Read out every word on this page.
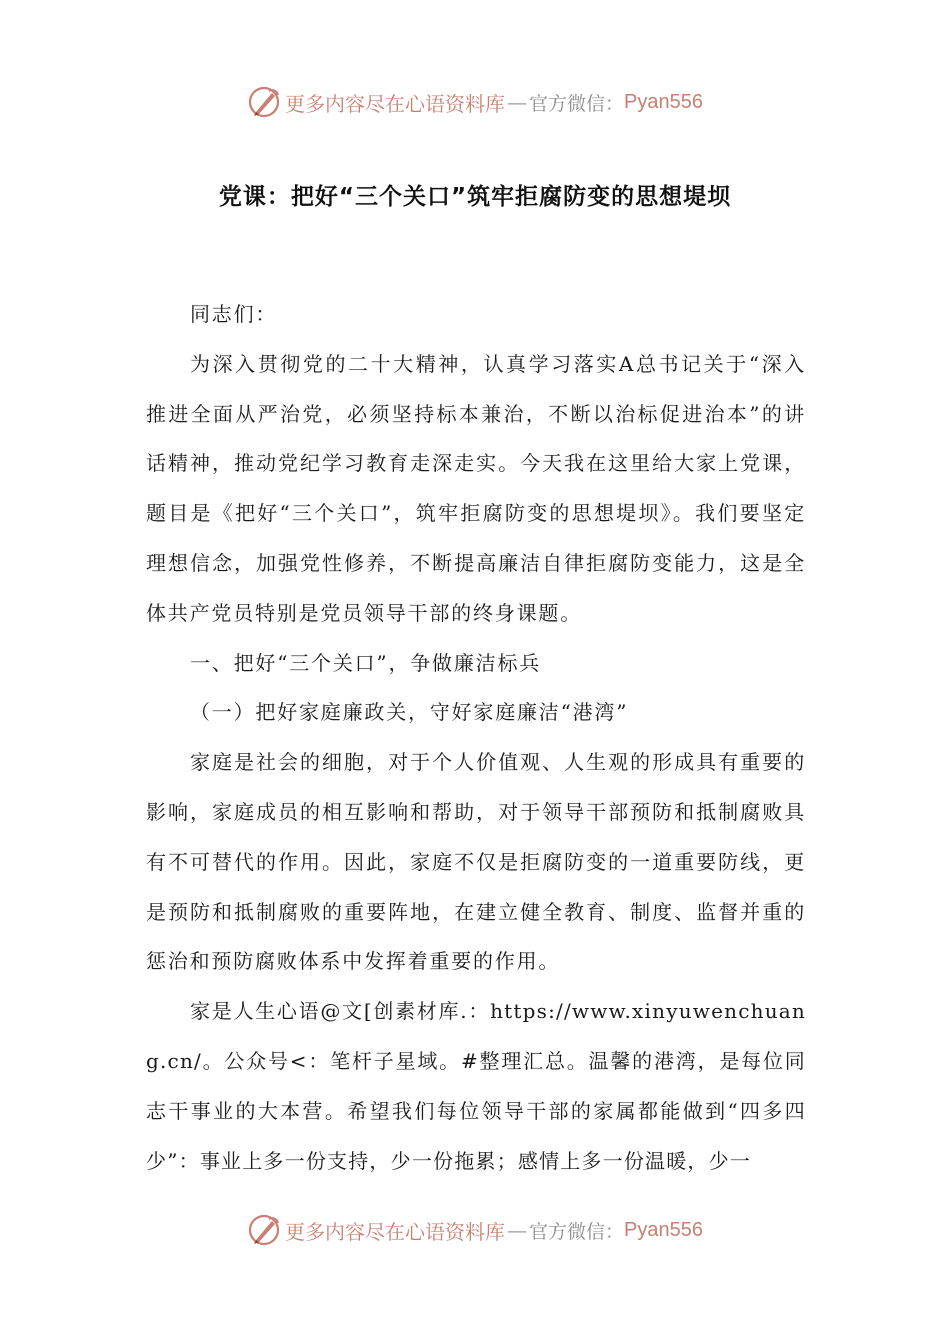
更多内容尽在心语资料库 — 官方微信： Pyan556
党课：把好“三个关口”筑牢拒腐防变的思想堤坝

同志们：

为深入贯彻党的二十大精神，认真学习落实A总书记关于“深入推进全面从严治党，必须坚持标本兼治，不断以治标促进治本”的讲话精神，推动党纪学习教育走深走实。今天我在这里给大家上党课，题目是《把好“三个关口”，筑牢拒腐防变的思想堤坝》。我们要坚定理想信念，加强党性修养，不断提高廉洁自律拒腐防变能力，这是全体共产党员特别是党员领导干部的终身课题。

一、把好“三个关口”，争做廉洁标兵

（一）把好家庭廉政关，守好家庭廉洁“港湾”

家庭是社会的细胞，对于个人价值观、人生观的形成具有重要的影响，家庭成员的相互影响和帮助，对于领导干部预防和抵制腐败具有不可替代的作用。因此，家庭不仅是拒腐防变的一道重要防线，更是预防和抵制腐败的重要阵地，在建立健全教育、制度、监督并重的惩治和预防腐败体系中发挥着重要的作用。

家是人生心语@文[创素材库.：https://www.xinyuwenchuang.cn/。公众号<：笔杆子星域。#整理汇总。温馨的港湾，是每位同志干事业的大本营。希望我们每位领导干部的家属都能做到“四多四少”：事业上多一份支持，少一份拖累；感情上多一份温暖，少一

更多内容尽在心语资料库 — 官方微信： Pyan556
